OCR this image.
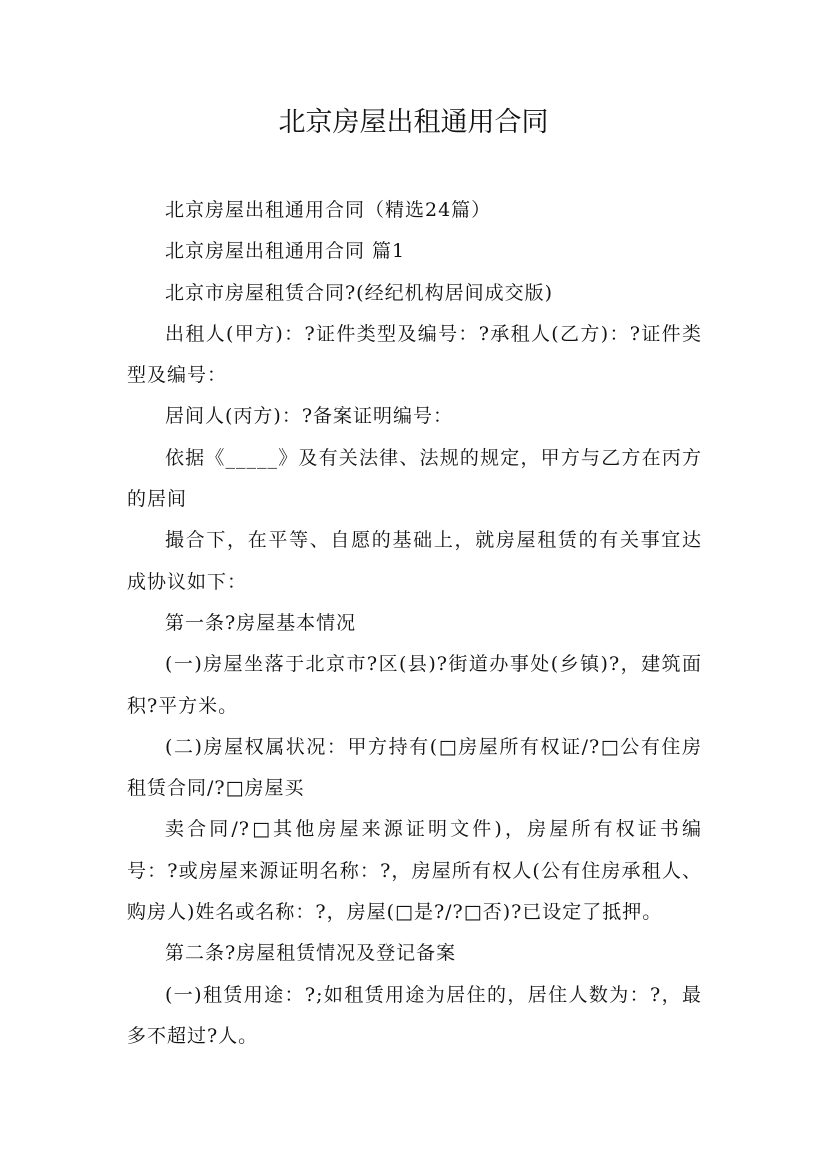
北京房屋出租通用合同

北京房屋出租通用合同（精选24篇）

北京房屋出租通用合同 篇1

北京市房屋租赁合同?(经纪机构居间成交版)

出租人(甲方)：?证件类型及编号：?承租人(乙方)：?证件类型及编号：

居间人(丙方)：?备案证明编号：

依据《_____》及有关法律、法规的规定，甲方与乙方在丙方的居间

撮合下，在平等、自愿的基础上，就房屋租赁的有关事宜达成协议如下：

第一条?房屋基本情况

(一)房屋坐落于北京市?区(县)?街道办事处(乡镇)?，建筑面积?平方米。

(二)房屋权属状况：甲方持有(□房屋所有权证/?□公有住房租赁合同/?□房屋买

卖合同/?□其他房屋来源证明文件)，房屋所有权证书编号：?或房屋来源证明名称：?，房屋所有权人(公有住房承租人、购房人)姓名或名称：?，房屋(□是?/?□否)?已设定了抵押。

第二条?房屋租赁情况及登记备案

(一)租赁用途：?;如租赁用途为居住的，居住人数为：?，最多不超过?人。
